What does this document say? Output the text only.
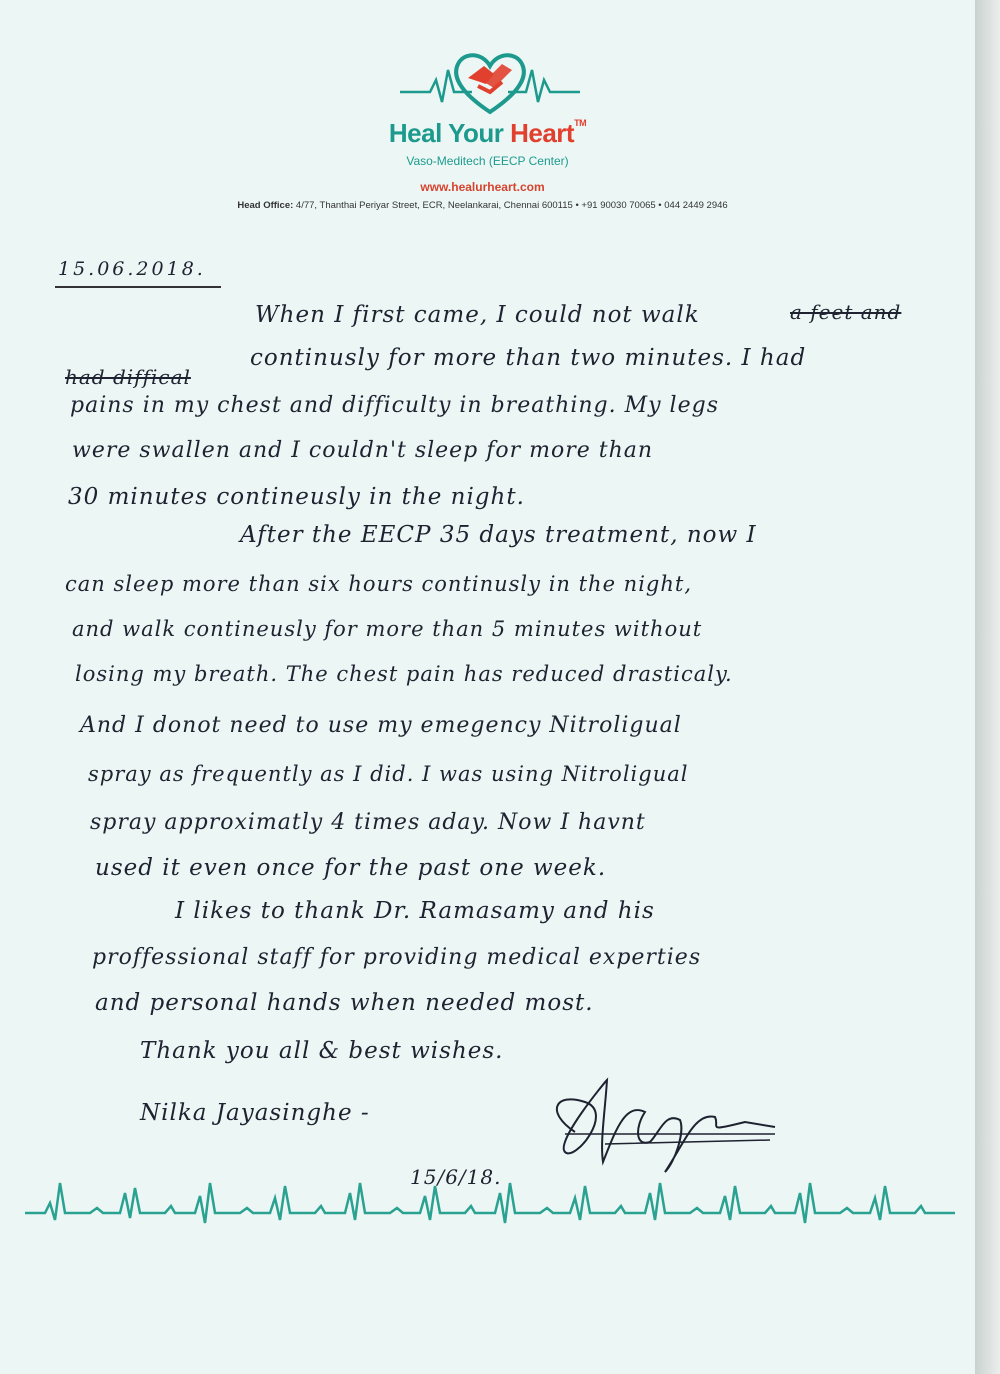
Heal Your Heart™
Vaso-Meditech (EECP Center)
www.healurheart.com
Head Office: 4/77, Thanthai Periyar Street, ECR, Neelankarai, Chennai 600115 • +91 90030 70065 • 044 2449 2946
15.06.2018.
When I first came, I could not walk	a feet and
had diffical
continusly for more than two minutes. I had
pains in my chest and difficulty in breathing. My legs
were swallen and I couldn't sleep for more than
30 minutes contineusly in the night.
After the EECP 35 days treatment, now I
can sleep more than six hours continusly in the night,
and walk contineusly for more than 5 minutes without
losing my breath. The chest pain has reduced drasticaly.
And I donot need to use my emegency Nitroligual
spray as frequently as I did. I was using Nitroligual
spray approximatly 4 times aday. Now I havnt
used it even once for the past one week.
I likes to thank Dr. Ramasamy and his
proffessional staff for providing medical experties
and personal hands when needed most.
Thank you all & best wishes.
Nilka Jayasinghe -
15/6/18.
